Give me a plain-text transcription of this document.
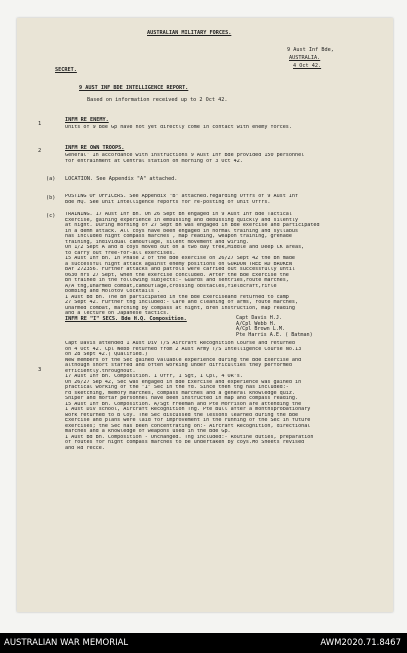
AUSTRALIAN MILITARY FORCES.
9 Aust Inf Bde,
AUSTRALIA.
4 Oct 42.
SECRET.
9 AUST INF BDE INTELLIGENCE REPORT.
Based on information received up to 2 Oct 42.
1
INFM RE ENEMY.
Units of 9 Bde Gp have not yet directly come in contact with enemy forces.
2	INFM RE OWN TROOPS.
General' In accordance with instructions 9 Aust Inf Bde provided 150 personnel
for entrainment at Central station on morning of 3 Oct 42.
(a) LOCATION. See Appendix "A" attached.
(b) POSTING OF OFFICERS. See Appendix "B" attached.regarding Offrs of 9 Aust Inf
Bde HQ. See unit Intelligence reports for re-posting of unit Offrs.
(c) TRAINING. 17 Aust Inf Bn. On 26 Sept Bn engaged in 9 Aust Inf Bde Tactical
Exercise, gaining experience in embussing and debussing quickly and silently
at night. During morning of 27 Sept Bn was engaged in Bde exercise and participated
in a demn attack. All coys have been engaged in normal training and syllabus
has included night compass marches , map reading, weapon training, grenade
training, individual camouflage, silent movement and wiring.
On 1/2 Sept A and B coys moved out on a two day trek,Middle and Deep CK areas,
to carry out free-for-all exercises.
15 Aust Inf Bn. In Phase 2 of the Bde exercise on 26/27 Sept 42 the Bn made
a successful night attack against enemy positions on GURDON TREE RD BROKEN
BAY 272356. Further attacks and patrols were carried out successfully until
0630 hrs 27 Sept, when the exercise concluded. After the Bde Exercise the
Bn trained in the following subjects:- Guards and sentries,route marches,
A/A tng,unarmed combat,camouflage,crossing obstacles,fieldcraft,rifle
bombing and Molotov Cocktails .
1 Aust Bd Bn. The Bn participated in the Bde Exerciseand returned to camp
27 Sept 42. Further tng included:- Care and cleaning of arms, route marches,
unarmed combat, marching by compass at night, Bren instruction, map reading
and a lecture on Japanese tactics.
3
INFM RE "I" SECS. Bde H.Q. Composition.	Capt Davis H.J.
A/Cpl Webb H.
A/Cpl Brown L.M.
Pte Harris A.E. ( Batman)
Capt Davis attended 1 Aust Div T/S Aircraft Recognition Course and returned
on 4 Oct 42. Cpl Webb returned from 2 Aust Army T/S Intelligence Course No.13
on 28 Sept 42.( Qualified.)
New members of the Sec gained valuable experience during the Bde Exercise and
although short staffed and often working under difficulties they performed
efficiently.throughout.
17 Aust Inf Bn. Composition. 1 Offr, 1 Sgt, 1 Cpl, 4 OR's.
On 26/27 Sep 42, Sec was engaged in Bde Exercise and experience was gained in
practical working of the "I" Sec in the fd. Since then tng has included:-
Fd sketching, memory marches, compass marches and a general knowledge quiz.
Sniper and mortar personnel have been instructed in map and compass reading.
15 Aust Inf Bn. Composition. A/Sgt Freeman and Pte Morrison are attending the
1 Aust Div school, Aircraft Recognition Tng. Pte Bull after a monthsprobationary
work returned to B Coy. The Sec discussed the lessons learned during the Bde
Exercise and plans were laid for improvement in the running of the Sec in future
exercises; the Sec has been concentrating on:- Aircraft Recognition, directional
marches and a knowledge of weapons used in the Bde Gp.
1 Aust Bd Bn. Composition - Unchanged. Tng included:- Routine duties, preparation
of routes for night compass marches to be undertaken by coys.Mo Sheets revised
and Rd recce.
AUSTRALIAN WAR MEMORIAL	AWM2020.71.8467
